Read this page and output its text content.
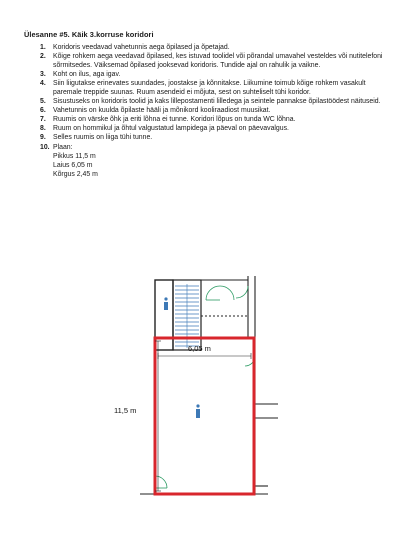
Ülesanne #5. Käik 3.korruse koridori
1.	Koridoris veedavad vahetunnis aega õpilased ja õpetajad.
2.	Kõige rohkem aega veedavad õpilased, kes istuvad toolidel või põrandal umavahel vesteldes või nutitelefoni sõrmitsedes. Väiksemad õpilased jooksevad koridoris. Tundide ajal on rahulik ja vaikne.
3.	Koht on ilus, aga igav.
4.	Siin liigutakse erinevates suundades, joostakse ja kõnnitakse. Liikumine toimub kõige rohkem vasakult paremale treppide suunas. Ruum asendeid ei mõjuta, sest on suhteliselt tühi koridor.
5.	Sisustuseks on koridoris toolid ja kaks lillepostamenti lilledega ja seintele pannakse õpilastöödest näituseid.
6.	Vahetunnis on kuulda õpilaste hääli ja mõnikord kooliraadiost muusikat.
7.	Ruumis on värske õhk ja eriti lõhna ei tunne. Koridori lõpus on tunda WC lõhna.
8.	Ruum on hommikul ja õhtul valgustatud lampidega ja päeval on päevavalgus.
9.	Selles ruumis on liiga tühi tunne.
10. Plaan:
Pikkus 11,5 m
Laius 6,05 m
Kõrgus 2,45 m
6,05 m
11,5 m
